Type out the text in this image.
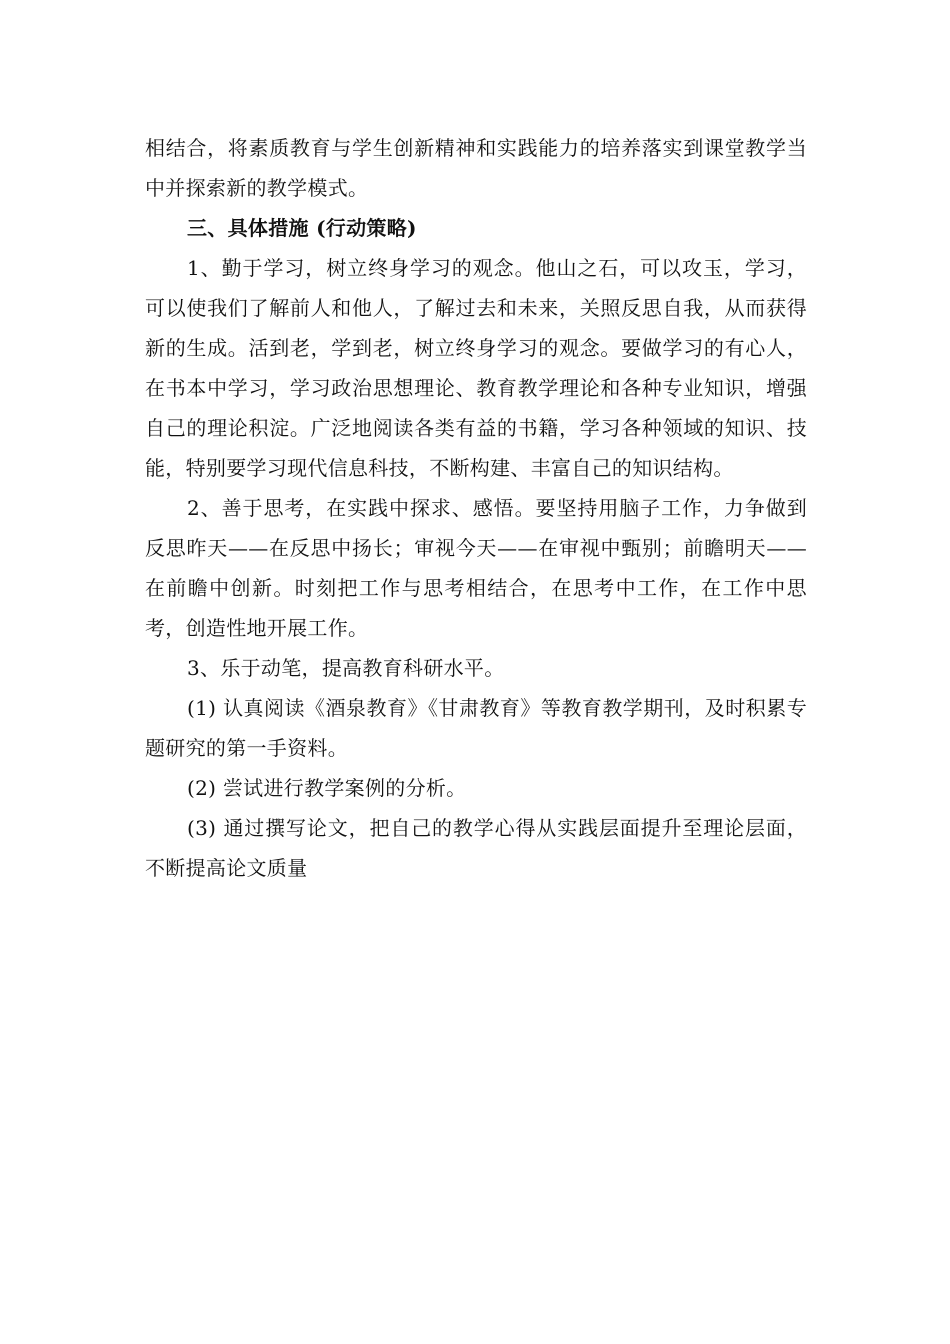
相结合，将素质教育与学生创新精神和实践能力的培养落实到课堂教学当中并探索新的教学模式。

三、具体措施 (行动策略)

1、勤于学习，树立终身学习的观念。他山之石，可以攻玉，学习，可以使我们了解前人和他人，了解过去和未来，关照反思自我，从而获得新的生成。活到老，学到老，树立终身学习的观念。要做学习的有心人，在书本中学习，学习政治思想理论、教育教学理论和各种专业知识，增强自己的理论积淀。广泛地阅读各类有益的书籍，学习各种领域的知识、技能，特别要学习现代信息科技，不断构建、丰富自己的知识结构。

2、善于思考，在实践中探求、感悟。要坚持用脑子工作，力争做到反思昨天——在反思中扬长；审视今天——在审视中甄别；前瞻明天——在前瞻中创新。时刻把工作与思考相结合，在思考中工作，在工作中思考，创造性地开展工作。

3、乐于动笔，提高教育科研水平。

(1) 认真阅读《酒泉教育》《甘肃教育》等教育教学期刊，及时积累专题研究的第一手资料。

(2) 尝试进行教学案例的分析。

(3) 通过撰写论文，把自己的教学心得从实践层面提升至理论层面，不断提高论文质量
